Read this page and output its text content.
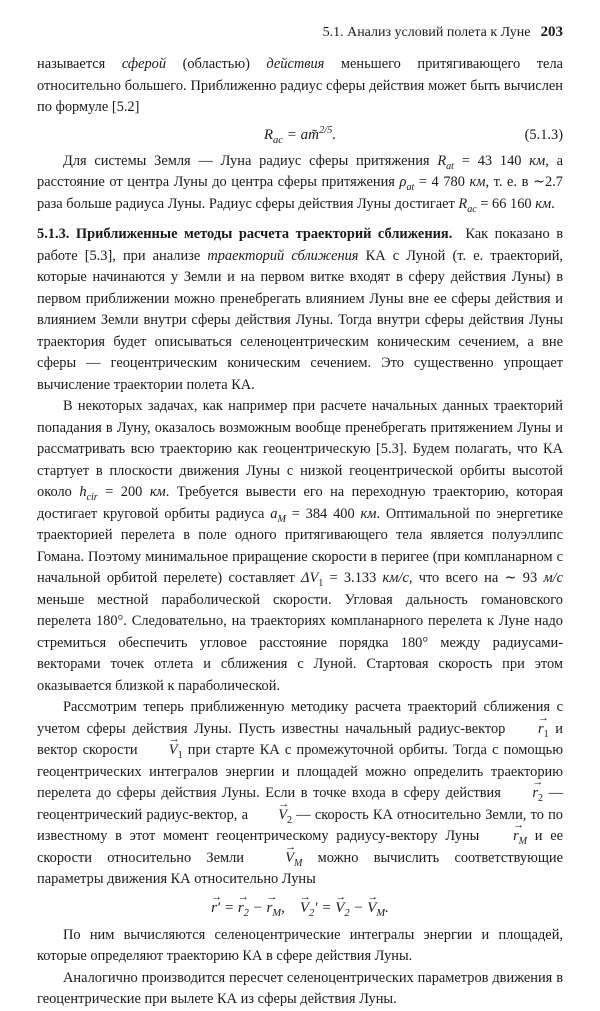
5.1. Анализ условий полета к Луне 203

называется сферой (областью) действия меньшего притягивающего тела относительно большего. Приближенно радиус сферы действия может быть вычислен по формуле [5.2]

$R_{ac}$ = am̃$^{2/5}$.	(5.1.3)

Для системы Земля — Луна радиус сферы притяжения $R_{at} = 43$ 140 км, а расстояние от центра Луны до центра сферы притяжения $\rho_{at} = 4$ 780 км, т. е. в ∼2.7 раза больше радиуса Луны. Радиус сферы действия Луны достигает $R_{ac} = 66$ 160 км.

5.1.3. Приближенные методы расчета траекторий сближения. Как показано в работе [5.3], при анализе траекторий сближения КА с Луной (т. е. траекторий, которые начинаются у Земли и на первом витке входят в сферу действия Луны) в первом приближении можно пренебрегать влиянием Луны вне ее сферы действия и влиянием Земли внутри сферы действия Луны. Тогда внутри сферы действия Луны траектория будет описываться селеноцентрическим коническим сечением, а вне сферы — геоцентрическим коническим сечением. Это существенно упрощает вычисление траектории полета КА.

В некоторых задачах, как например при расчете начальных данных траекторий попадания в Луну, оказалось возможным вообще пренебрегать притяжением Луны и рассматривать всю траекторию как геоцентрическую [5.3]. Будем полагать, что КА стартует в плоскости движения Луны с низкой геоцентрической орбиты высотой около $h_{cir} = 200$ км. Требуется вывести его на переходную траекторию, которая достигает круговой орбиты радиуса $a_M = 384$ 400 км. Оптимальной по энергетике траекторией перелета в поле одного притягивающего тела является полуэллипс Гомана. Поэтому минимальное приращение скорости в перигее (при компланарном с начальной орбитой перелете) составляет $\Delta V_1 = 3.133$ км/с, что всего на ∼ 93 м/с меньше местной параболической скорости. Угловая дальность гомановского перелета 180°. Следовательно, на траекториях компланарного перелета к Луне надо стремиться обеспечить угловое расстояние порядка 180° между радиусами-векторами точек отлета и сближения с Луной. Стартовая скорость при этом оказывается близкой к параболической.

Рассмотрим теперь приближенную методику расчета траекторий сближения с учетом сферы действия Луны. Пусть известны начальный радиус-вектор → $r_1$ и вектор скорости → $V_1$ при старте КА с промежуточной орбиты. Тогда с помощью геоцентрических интегралов энергии и площадей можно определить траекторию перелета до сферы действия Луны. Если в точке входа в сферу действия → $r_2$ — геоцентрический радиус-вектор, $а \to V_2$ — скорость КА относительно Земли, то по известному в этот момент геоцентрическому радиусу-вектору Луны → $r_M$ и ее скорости относительно Земли → $V_M$ можно вычислить соответствующие параметры движения КА относительно Луны

→ r′ = → $r_2$ − → $r_M$,    → $V_2'$ = → $V_2$ − → $V_M$.

По ним вычисляются селеноцентрические интегралы энергии и площадей, которые определяют траекторию КА в сфере действия Луны.

Аналогично производится пересчет селеноцентрических параметров движения в геоцентрические при вылете КА из сферы действия Луны.
